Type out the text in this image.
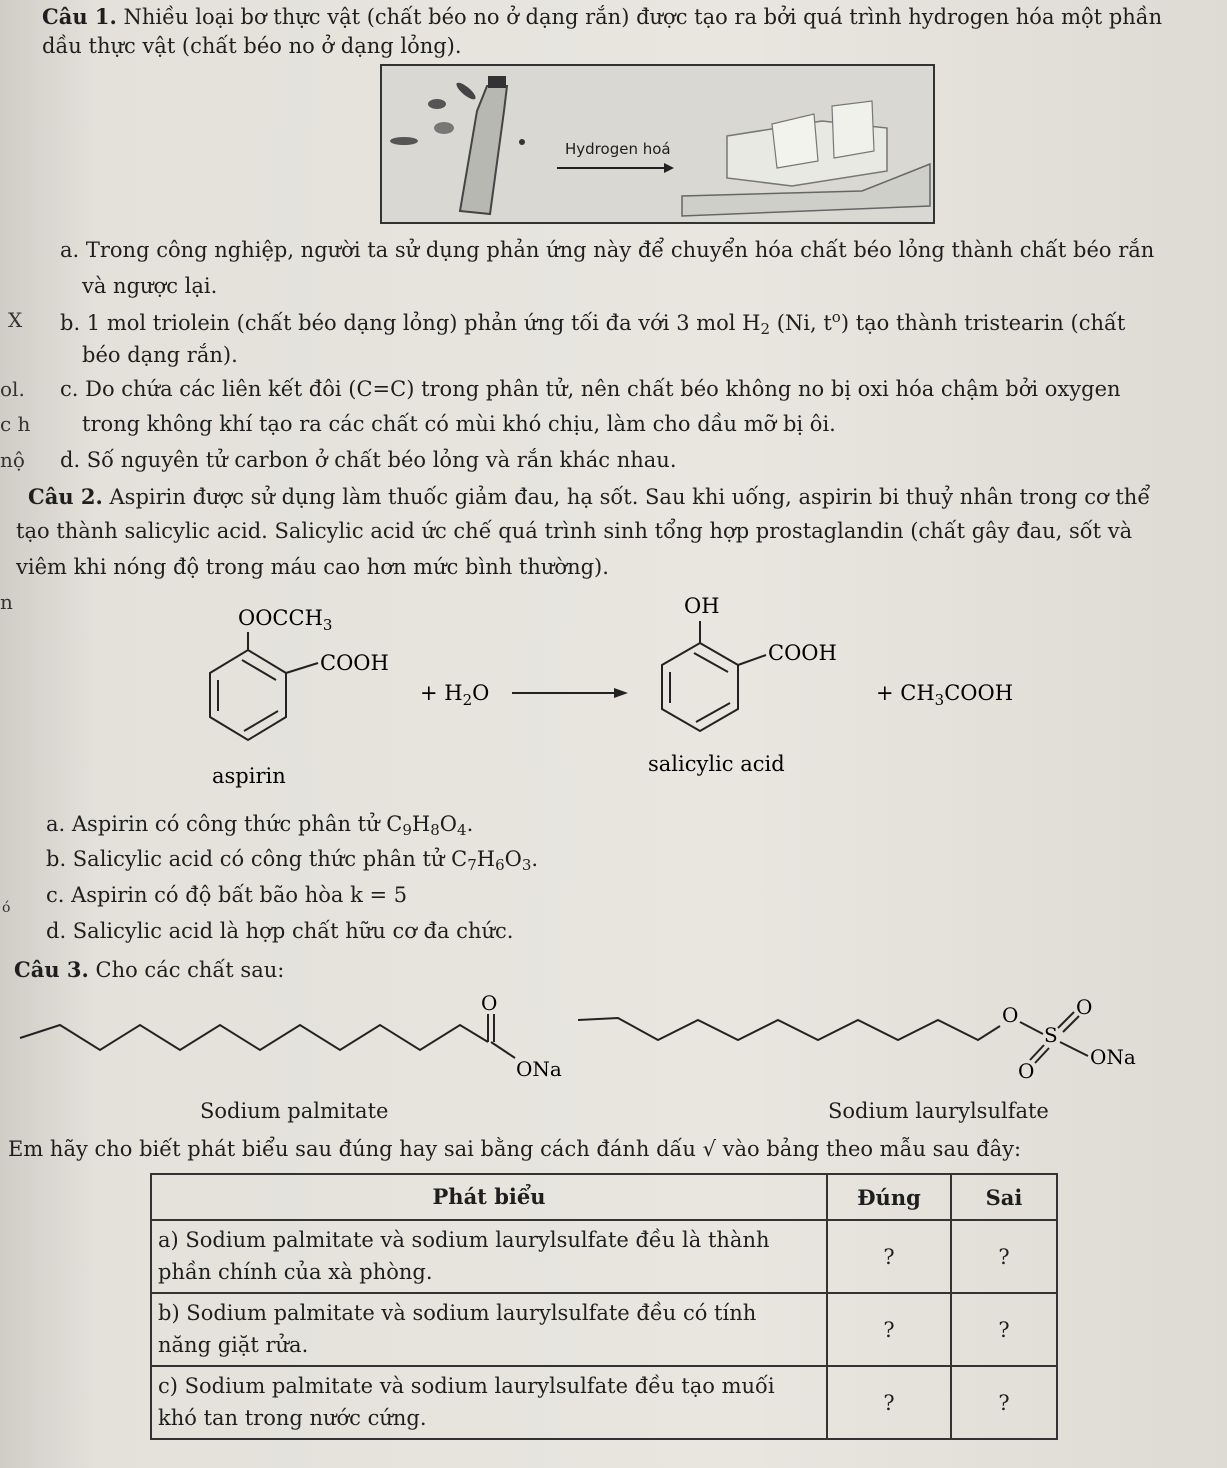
Câu 1. Nhiều loại bơ thực vật (chất béo no ở dạng rắn) được tạo ra bởi quá trình hydrogen hóa một phần
dầu thực vật (chất béo no ở dạng lỏng).
Hydrogen hoá
a. Trong công nghiệp, người ta sử dụng phản ứng này để chuyển hóa chất béo lỏng thành chất béo rắn
và ngược lại.
X b. 1 mol triolein (chất béo dạng lỏng) phản ứng tối đa với 3 mol $H_2$ (Ni, $t^o$) tạo thành tristearin (chất
béo dạng rắn).
ol. c. Do chứa các liên kết đôi (C=C) trong phân tử, nên chất béo không no bị oxi hóa chậm bởi oxygen
c h trong không khí tạo ra các chất có mùi khó chịu, làm cho dầu mỡ bị ôi.
nộ d. Số nguyên tử carbon ở chất béo lỏng và rắn khác nhau.
Câu 2. Aspirin được sử dụng làm thuốc giảm đau, hạ sốt. Sau khi uống, aspirin bi thuỷ nhân trong cơ thể
tạo thành salicylic acid. Salicylic acid ức chế quá trình sinh tổng hợp prostaglandin (chất gây đau, sốt và
viêm khi nóng độ trong máu cao hơn mức bình thường).
n
$OOCCH_3$
COOH
aspirin
+ $H_2O$
OH
COOH
salicylic acid
+ $CH_3COOH$
a. Aspirin có công thức phân tử $C_9H_8O_4$.
b. Salicylic acid có công thức phân tử $C_7H_6O_3$.
c. Aspirin có độ bất bão hòa k = 5
ó
d. Salicylic acid là hợp chất hữu cơ đa chức.
Câu 3. Cho các chất sau:
O
ONa
O
S
O
O
ONa
Sodium palmitate	Sodium laurylsulfate
Em hãy cho biết phát biểu sau đúng hay sai bằng cách đánh dấu √ vào bảng theo mẫu sau đây:
Phát biểu	Đúng	Sai

a) Sodium palmitate và sodium laurylsulfate đều là thành
phần chính của xà phòng.	?	?

b) Sodium palmitate và sodium laurylsulfate đều có tính
năng giặt rửa.	?	?

c) Sodium palmitate và sodium laurylsulfate đều tạo muối
khó tan trong nước cứng.	?	?
